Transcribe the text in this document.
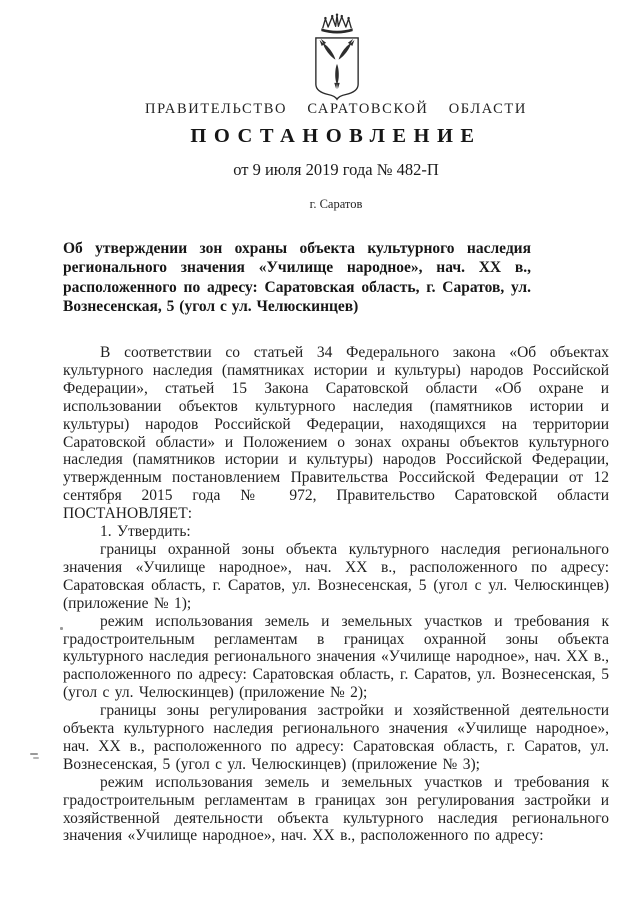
ПРАВИТЕЛЬСТВО САРАТОВСКОЙ ОБЛАСТИ
ПОСТАНОВЛЕНИЕ
от 9 июля 2019 года № 482-П
г. Саратов
Об утверждении зон охраны объекта культурного наследия регионального значения «Училище народное», нач. XX в., расположенного по адресу: Саратовская область, г. Саратов, ул. Вознесенская, 5 (угол с ул. Челюскинцев)

В соответствии со статьей 34 Федерального закона «Об объектах культурного наследия (памятниках истории и культуры) народов Российской Федерации», статьей 15 Закона Саратовской области «Об охране и использовании объектов культурного наследия (памятников истории и культуры) народов Российской Федерации, находящихся на территории Саратовской области» и Положением о зонах охраны объектов культурного наследия (памятников истории и культуры) народов Российской Федерации, утвержденным постановлением Правительства Российской Федерации от 12 сентября 2015 года № 972, Правительство Саратовской области ПОСТАНОВЛЯЕТ:

1. Утвердить:

границы охранной зоны объекта культурного наследия регионального значения «Училище народное», нач. XX в., расположенного по адресу: Саратовская область, г. Саратов, ул. Вознесенская, 5 (угол с ул. Челюскинцев) (приложение № 1);

режим использования земель и земельных участков и требования к градостроительным регламентам в границах охранной зоны объекта культурного наследия регионального значения «Училище народное», нач. XX в., расположенного по адресу: Саратовская область, г. Саратов, ул. Вознесенская, 5 (угол с ул. Челюскинцев) (приложение № 2);

границы зоны регулирования застройки и хозяйственной деятельности объекта культурного наследия регионального значения «Училище народное», нач. XX в., расположенного по адресу: Саратовская область, г. Саратов, ул. Вознесенская, 5 (угол с ул. Челюскинцев) (приложение № 3);

режим использования земель и земельных участков и требования к градостроительным регламентам в границах зон регулирования застройки и хозяйственной деятельности объекта культурного наследия регионального значения «Училище народное», нач. XX в., расположенного по адресу:
